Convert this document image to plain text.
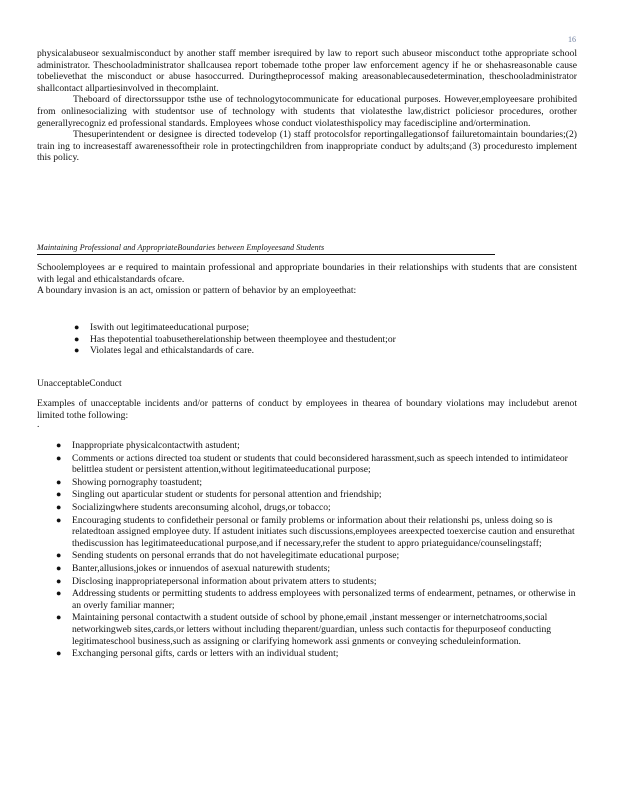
16

physicalabuseor sexualmisconduct by another staff member isrequired by law to report such abuseor misconduct tothe appropriate school administrator. Theschooladministrator shallcausea report tobemade tothe proper law enforcement agency if he or shehasreasonable cause tobelievethat the misconduct or abuse hasoccurred. Duringtheprocessof making areasonablecausedetermination, theschooladministrator shallcontact allpartiesinvolved in thecomplaint.

Theboard of directorssuppor tsthe use of technologytocommunicate for educational purposes. However,employeesare prohibited from onlinesocializing with studentsor use of technology with students that violatesthe law,district policiesor procedures, orother generallyrecogniz ed professional standards. Employees whose conduct violatesthispolicy may facediscipline and/ortermination.

Thesuperintendent or designee is directed todevelop (1) staff protocolsfor reportingallegationsof failuretomaintain boundaries;(2) train ing to increasestaff awarenessoftheir role in protectingchildren from inappropriate conduct by adults;and (3) proceduresto implement this policy.

Maintaining Professional and AppropriateBoundaries between Employeesand Students

Schoolemployees ar e required to maintain professional and appropriate boundaries in their relationships with students that are consistent with legal and ethicalstandards ofcare.

A boundary invasion is an act, omission or pattern of behavior by an employeethat:

● Iswith out legitimateeducational purpose;
● Has thepotential toabusetherelationship between theemployee and thestudent;or
● Violates legal and ethicalstandards of care.
UnacceptableConduct

Examples of unacceptable incidents and/or patterns of conduct by employees in thearea of boundary violations may includebut arenot limited tothe following:

.
● Inappropriate physicalcontactwith astudent;
● Comments or actions directed toa student or students that could beconsidered harassment,such as speech intended to intimidateor belittlea student or persistent attention,without legitimateeducational purpose;
● Showing pornography toastudent;
● Singling out aparticular student or students for personal attention and friendship;
● Socializingwhere students areconsuming alcohol, drugs,or tobacco;
● Encouraging students to confidetheir personal or family problems or information about their relationshi ps, unless doing so is relatedtoan assigned employee duty. If astudent initiates such discussions,employees areexpected toexercise caution and ensurethat thediscussion has legitimateeducational purpose,and if necessary,refer the student to appro priateguidance/counselingstaff;
● Sending students on personal errands that do not havelegitimate educational purpose;
● Banter,allusions,jokes or innuendos of asexual naturewith students;
● Disclosing inappropriatepersonal information about privatem atters to students;
● Addressing students or permitting students to address employees with personalized terms of endearment, petnames, or otherwise in an overly familiar manner;
● Maintaining personal contactwith a student outside of school by phone,email ,instant messenger or internetchatrooms,social networkingweb sites,cards,or letters without including theparent/guardian, unless such contactis for thepurposeof conducting legitimateschool business,such as assigning or clarifying homework assi gnments or conveying scheduleinformation.
● Exchanging personal gifts, cards or letters with an individual student;
